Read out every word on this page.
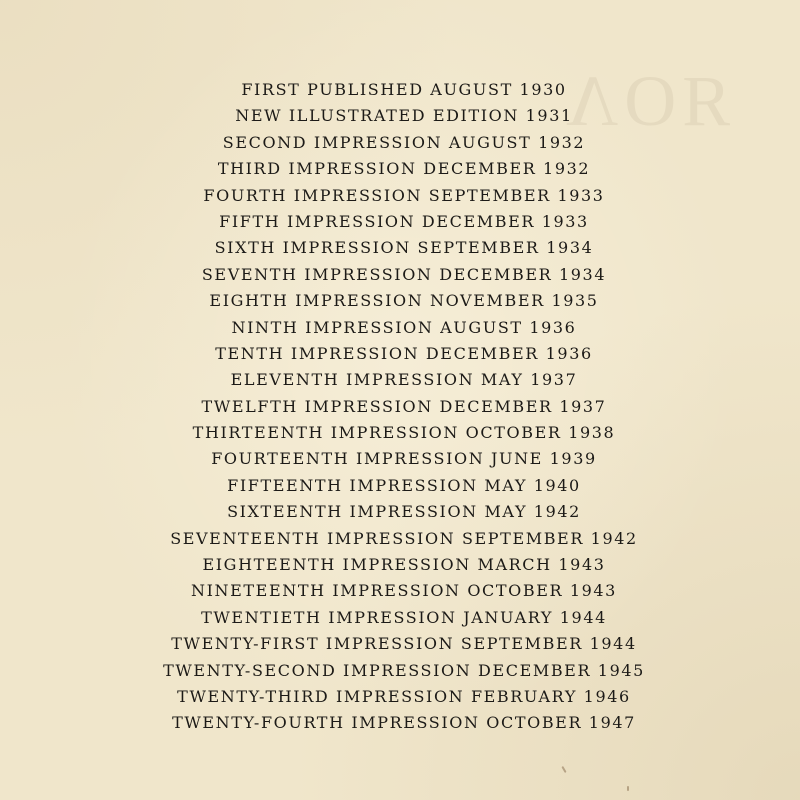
ЯОΛ
FIRST PUBLISHED AUGUST 1930
NEW ILLUSTRATED EDITION 1931
SECOND IMPRESSION AUGUST 1932
THIRD IMPRESSION DECEMBER 1932
FOURTH IMPRESSION SEPTEMBER 1933
FIFTH IMPRESSION DECEMBER 1933
SIXTH IMPRESSION SEPTEMBER 1934
SEVENTH IMPRESSION DECEMBER 1934
EIGHTH IMPRESSION NOVEMBER 1935
NINTH IMPRESSION AUGUST 1936
TENTH IMPRESSION DECEMBER 1936
ELEVENTH IMPRESSION MAY 1937
TWELFTH IMPRESSION DECEMBER 1937
THIRTEENTH IMPRESSION OCTOBER 1938
FOURTEENTH IMPRESSION JUNE 1939
FIFTEENTH IMPRESSION MAY 1940
SIXTEENTH IMPRESSION MAY 1942
SEVENTEENTH IMPRESSION SEPTEMBER 1942
EIGHTEENTH IMPRESSION MARCH 1943
NINETEENTH IMPRESSION OCTOBER 1943
TWENTIETH IMPRESSION JANUARY 1944
TWENTY-FIRST IMPRESSION SEPTEMBER 1944
TWENTY-SECOND IMPRESSION DECEMBER 1945
TWENTY-THIRD IMPRESSION FEBRUARY 1946
TWENTY-FOURTH IMPRESSION OCTOBER 1947
